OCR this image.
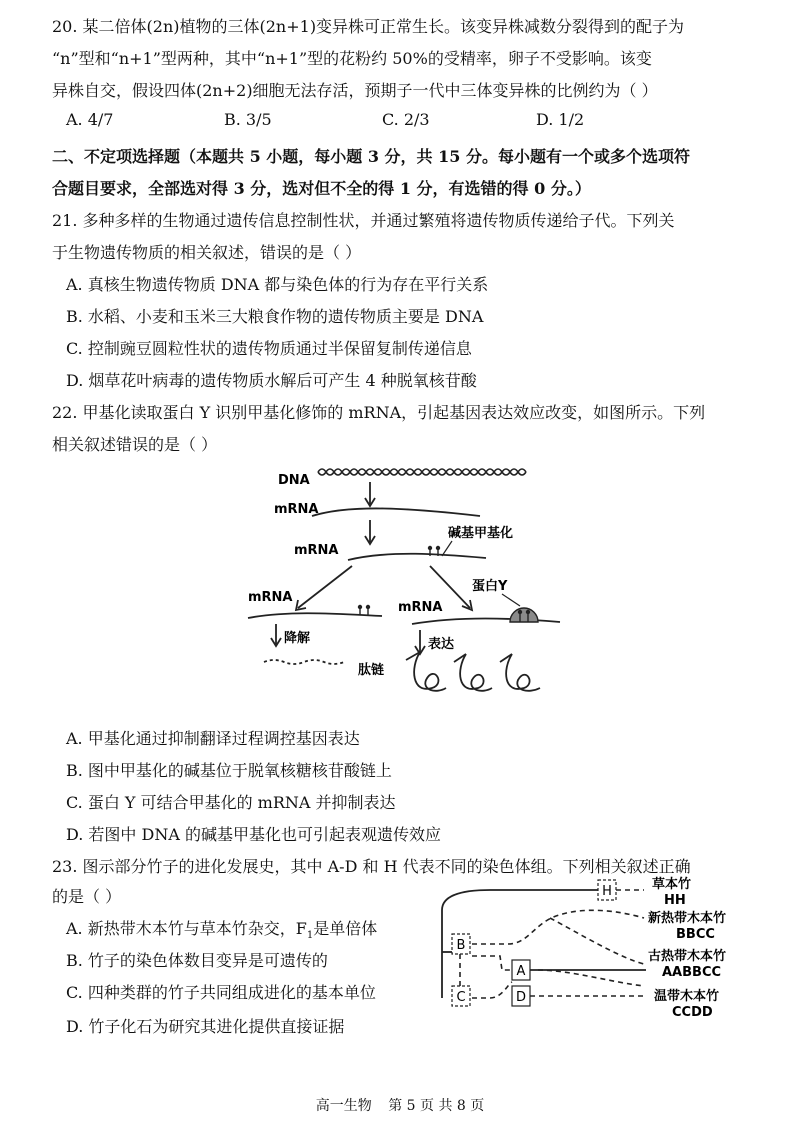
20. 某二倍体(2n)植物的三体(2n+1)变异株可正常生长。该变异株减数分裂得到的配子为
“n”型和“n+1”型两种，其中“n+1”型的花粉约 50%的受精率，卵子不受影响。该变
异株自交，假设四体(2n+2)细胞无法存活，预期子一代中三体变异株的比例约为（ ）
A. 4/7	B. 3/5	C. 2/3	D. 1/2
二、不定项选择题（本题共 5 小题，每小题 3 分，共 15 分。每小题有一个或多个选项符
合题目要求，全部选对得 3 分，选对但不全的得 1 分，有选错的得 0 分。）
21. 多种多样的生物通过遗传信息控制性状，并通过繁殖将遗传物质传递给子代。下列关
于生物遗传物质的相关叙述，错误的是（ ）
A. 真核生物遗传物质 DNA 都与染色体的行为存在平行关系
B. 水稻、小麦和玉米三大粮食作物的遗传物质主要是 DNA
C. 控制豌豆圆粒性状的遗传物质通过半保留复制传递信息
D. 烟草花叶病毒的遗传物质水解后可产生 4 种脱氧核苷酸
22. 甲基化读取蛋白 Y 识别甲基化修饰的 mRNA，引起基因表达效应改变，如图所示。下列
相关叙述错误的是（ ）
DNA
mRNA
碱基甲基化
mRNA
mRNA
降解
mRNA
蛋白Y
表达
肽链
A. 甲基化通过抑制翻译过程调控基因表达
B. 图中甲基化的碱基位于脱氧核糖核苷酸链上
C. 蛋白 Y 可结合甲基化的 mRNA 并抑制表达
D. 若图中 DNA 的碱基甲基化也可引起表观遗传效应
23. 图示部分竹子的进化发展史，其中 A-D 和 H 代表不同的染色体组。下列相关叙述正确
的是（ ）
A. 新热带木本竹与草本竹杂交，$F_1$是单倍体
B. 竹子的染色体数目变异是可遗传的
C. 四种类群的竹子共同组成进化的基本单位
D. 竹子化石为研究其进化提供直接证据
H
B
A
C	D
草本竹
HH
新热带木本竹
BBCC
古热带木本竹
AABBCC
温带木本竹
CCDD
高一生物 第 5 页 共 8 页
